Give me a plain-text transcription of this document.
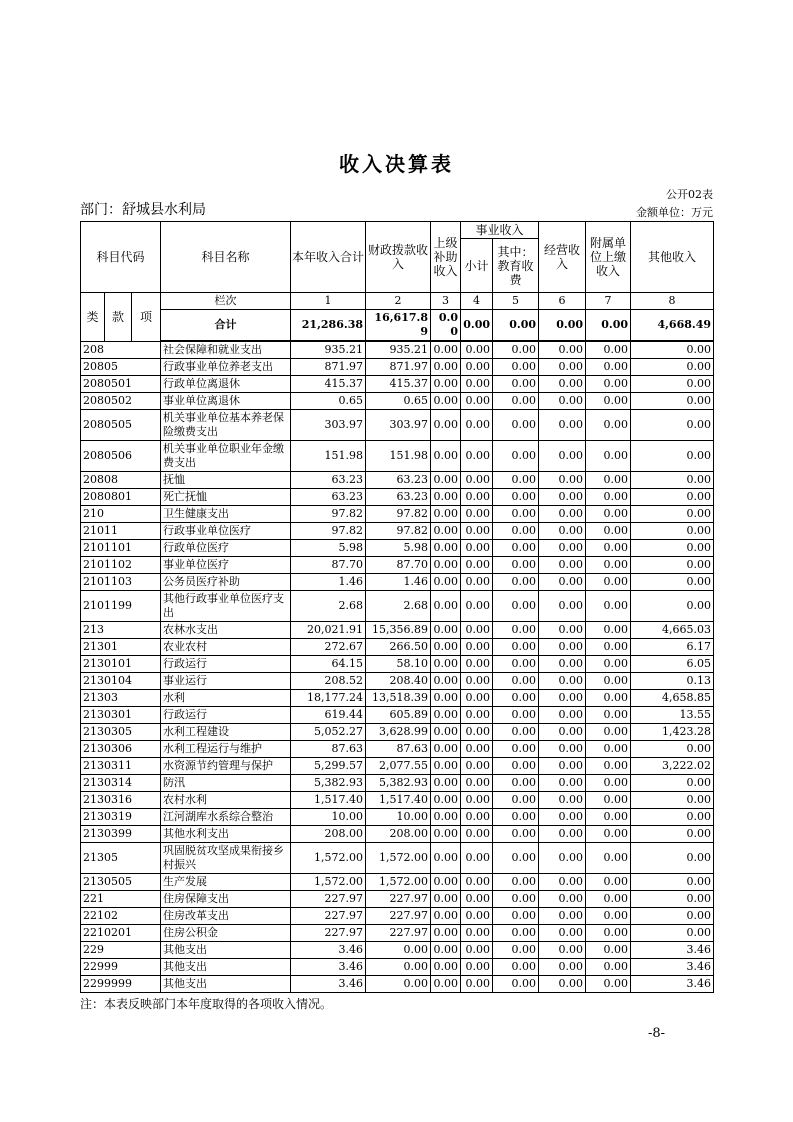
收入决算表
公开02表
部门：舒城县水利局	金额单位：万元
科目代码			科目名称	本年收入合计	财政拨款收入	上级补助收入	事业收入		经营收入	附属单位上缴收入	其他收入
							小计	其中：教育收费			
类	款	项	栏次	1	2	3	4	5	6	7	8
			合计	21,286.38	16,617.89	0.00	0.00	0.00	0.00	0.00	4,668.49
208			社会保障和就业支出	935.21	935.21	0.00	0.00	0.00	0.00	0.00	0.00
20805			行政事业单位养老支出	871.97	871.97	0.00	0.00	0.00	0.00	0.00	0.00
2080501			行政单位离退休	415.37	415.37	0.00	0.00	0.00	0.00	0.00	0.00
2080502			事业单位离退休	0.65	0.65	0.00	0.00	0.00	0.00	0.00	0.00
2080505			机关事业单位基本养老保险缴费支出	303.97	303.97	0.00	0.00	0.00	0.00	0.00	0.00
2080506			机关事业单位职业年金缴费支出	151.98	151.98	0.00	0.00	0.00	0.00	0.00	0.00
20808			抚恤	63.23	63.23	0.00	0.00	0.00	0.00	0.00	0.00
2080801			死亡抚恤	63.23	63.23	0.00	0.00	0.00	0.00	0.00	0.00
210			卫生健康支出	97.82	97.82	0.00	0.00	0.00	0.00	0.00	0.00
21011			行政事业单位医疗	97.82	97.82	0.00	0.00	0.00	0.00	0.00	0.00
2101101			行政单位医疗	5.98	5.98	0.00	0.00	0.00	0.00	0.00	0.00
2101102			事业单位医疗	87.70	87.70	0.00	0.00	0.00	0.00	0.00	0.00
2101103			公务员医疗补助	1.46	1.46	0.00	0.00	0.00	0.00	0.00	0.00
2101199			其他行政事业单位医疗支出	2.68	2.68	0.00	0.00	0.00	0.00	0.00	0.00
213			农林水支出	20,021.91	15,356.89	0.00	0.00	0.00	0.00	0.00	4,665.03
21301			农业农村	272.67	266.50	0.00	0.00	0.00	0.00	0.00	6.17
2130101			行政运行	64.15	58.10	0.00	0.00	0.00	0.00	0.00	6.05
2130104			事业运行	208.52	208.40	0.00	0.00	0.00	0.00	0.00	0.13
21303			水利	18,177.24	13,518.39	0.00	0.00	0.00	0.00	0.00	4,658.85
2130301			行政运行	619.44	605.89	0.00	0.00	0.00	0.00	0.00	13.55
2130305			水利工程建设	5,052.27	3,628.99	0.00	0.00	0.00	0.00	0.00	1,423.28
2130306			水利工程运行与维护	87.63	87.63	0.00	0.00	0.00	0.00	0.00	0.00
2130311			水资源节约管理与保护	5,299.57	2,077.55	0.00	0.00	0.00	0.00	0.00	3,222.02
2130314			防汛	5,382.93	5,382.93	0.00	0.00	0.00	0.00	0.00	0.00
2130316			农村水利	1,517.40	1,517.40	0.00	0.00	0.00	0.00	0.00	0.00
2130319			江河湖库水系综合整治	10.00	10.00	0.00	0.00	0.00	0.00	0.00	0.00
2130399			其他水利支出	208.00	208.00	0.00	0.00	0.00	0.00	0.00	0.00
21305			巩固脱贫攻坚成果衔接乡村振兴	1,572.00	1,572.00	0.00	0.00	0.00	0.00	0.00	0.00
2130505			生产发展	1,572.00	1,572.00	0.00	0.00	0.00	0.00	0.00	0.00
221			住房保障支出	227.97	227.97	0.00	0.00	0.00	0.00	0.00	0.00
22102			住房改革支出	227.97	227.97	0.00	0.00	0.00	0.00	0.00	0.00
2210201			住房公积金	227.97	227.97	0.00	0.00	0.00	0.00	0.00	0.00
229			其他支出	3.46	0.00	0.00	0.00	0.00	0.00	0.00	3.46
22999			其他支出	3.46	0.00	0.00	0.00	0.00	0.00	0.00	3.46
2299999			其他支出	3.46	0.00	0.00	0.00	0.00	0.00	0.00	3.46
注：本表反映部门本年度取得的各项收入情况。
-8-
